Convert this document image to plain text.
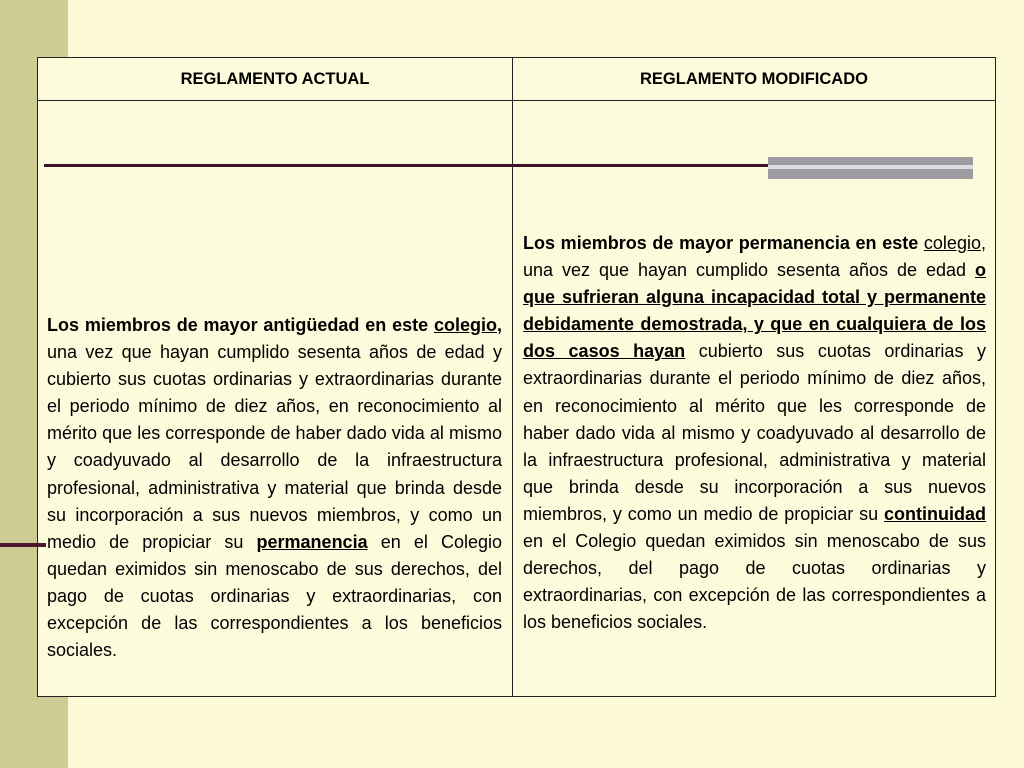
REGLAMENTO ACTUAL	REGLAMENTO MODIFICADO

Los miembros de mayor antigüedad en este colegio, una vez que hayan cumplido sesenta años de edad y cubierto sus cuotas ordinarias y extraordinarias durante el periodo mínimo de diez años, en reconocimiento al mérito que les corresponde de haber dado vida al mismo y coadyuvado al desarrollo de la infraestructura profesional, administrativa y material que brinda desde su incorporación a sus nuevos miembros, y como un medio de propiciar su permanencia en el Colegio quedan eximidos sin menoscabo de sus derechos, del pago de cuotas ordinarias y extraordinarias, con excepción de las correspondientes a los beneficios sociales.

Los miembros de mayor permanencia en este colegio, una vez que hayan cumplido sesenta años de edad o que sufrieran alguna incapacidad total y permanente debidamente demostrada, y que en cualquiera de los dos casos hayan cubierto sus cuotas ordinarias y extraordinarias durante el periodo mínimo de diez años, en reconocimiento al mérito que les corresponde de haber dado vida al mismo y coadyuvado al desarrollo de la infraestructura profesional, administrativa y material que brinda desde su incorporación a sus nuevos miembros, y como un medio de propiciar su continuidad en el Colegio quedan eximidos sin menoscabo de sus derechos, del pago de cuotas ordinarias y extraordinarias, con excepción de las correspondientes a los beneficios sociales.
